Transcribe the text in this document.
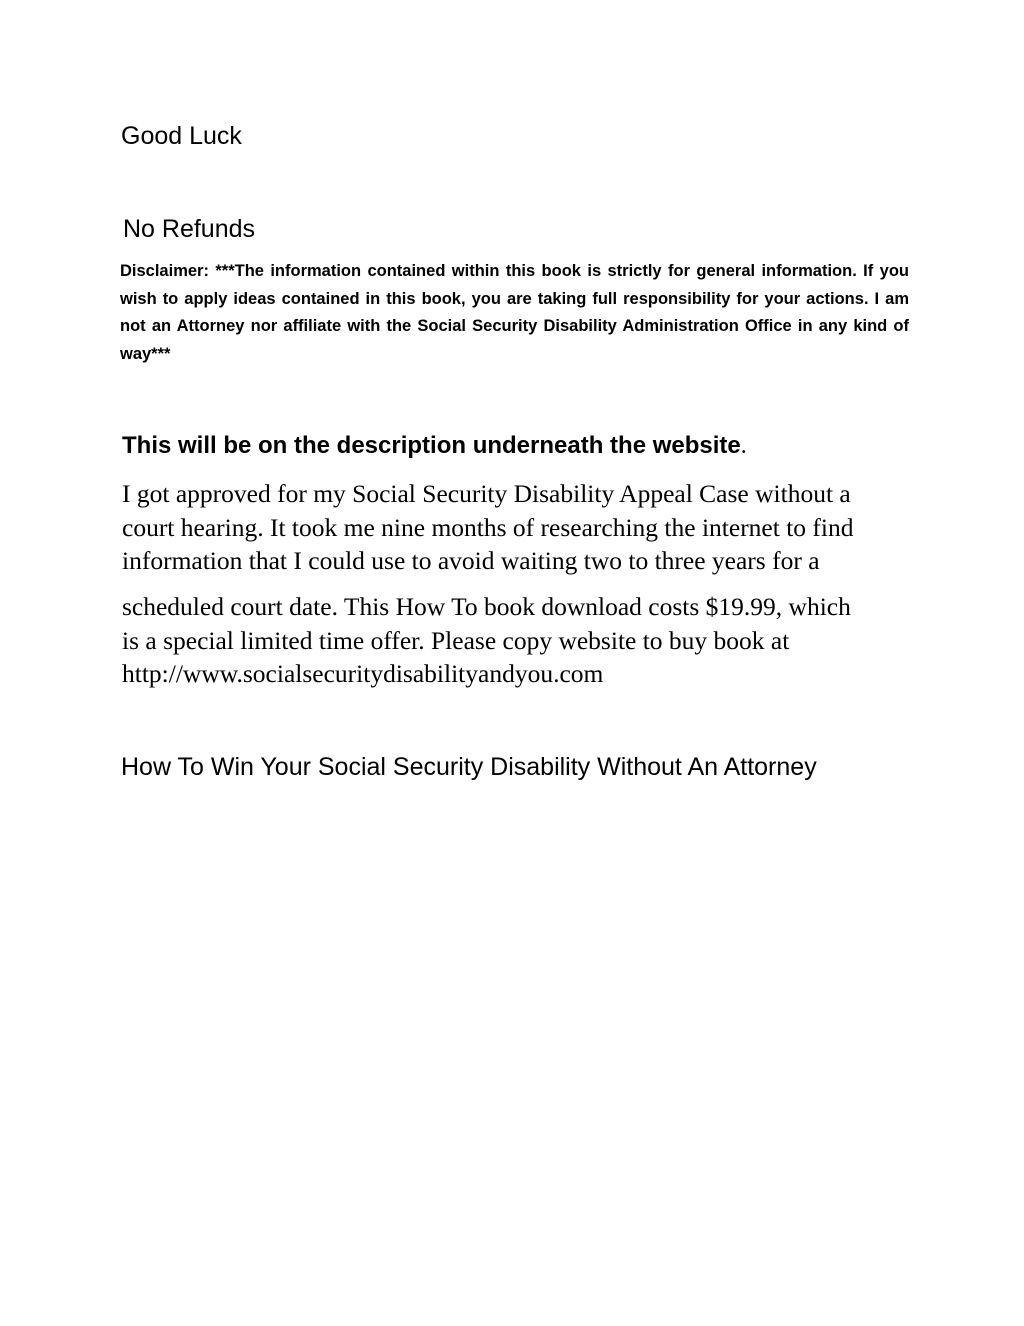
Good Luck
No Refunds
Disclaimer: ***The information contained within this book is strictly for general information. If you wish to apply ideas contained in this book, you are taking full responsibility for your actions. I am not an Attorney nor affiliate with the Social Security Disability Administration Office in any kind of way***
This will be on the description underneath the website.
I got approved for my Social Security Disability Appeal Case without a
court hearing. It took me nine months of researching the internet to find
information that I could use to avoid waiting two to three years for a
scheduled court date. This How To book download costs $19.99, which
is a special limited time offer. Please copy website to buy book at
http://www.socialsecuritydisabilityandyou.com
How To Win Your Social Security Disability Without An Attorney
